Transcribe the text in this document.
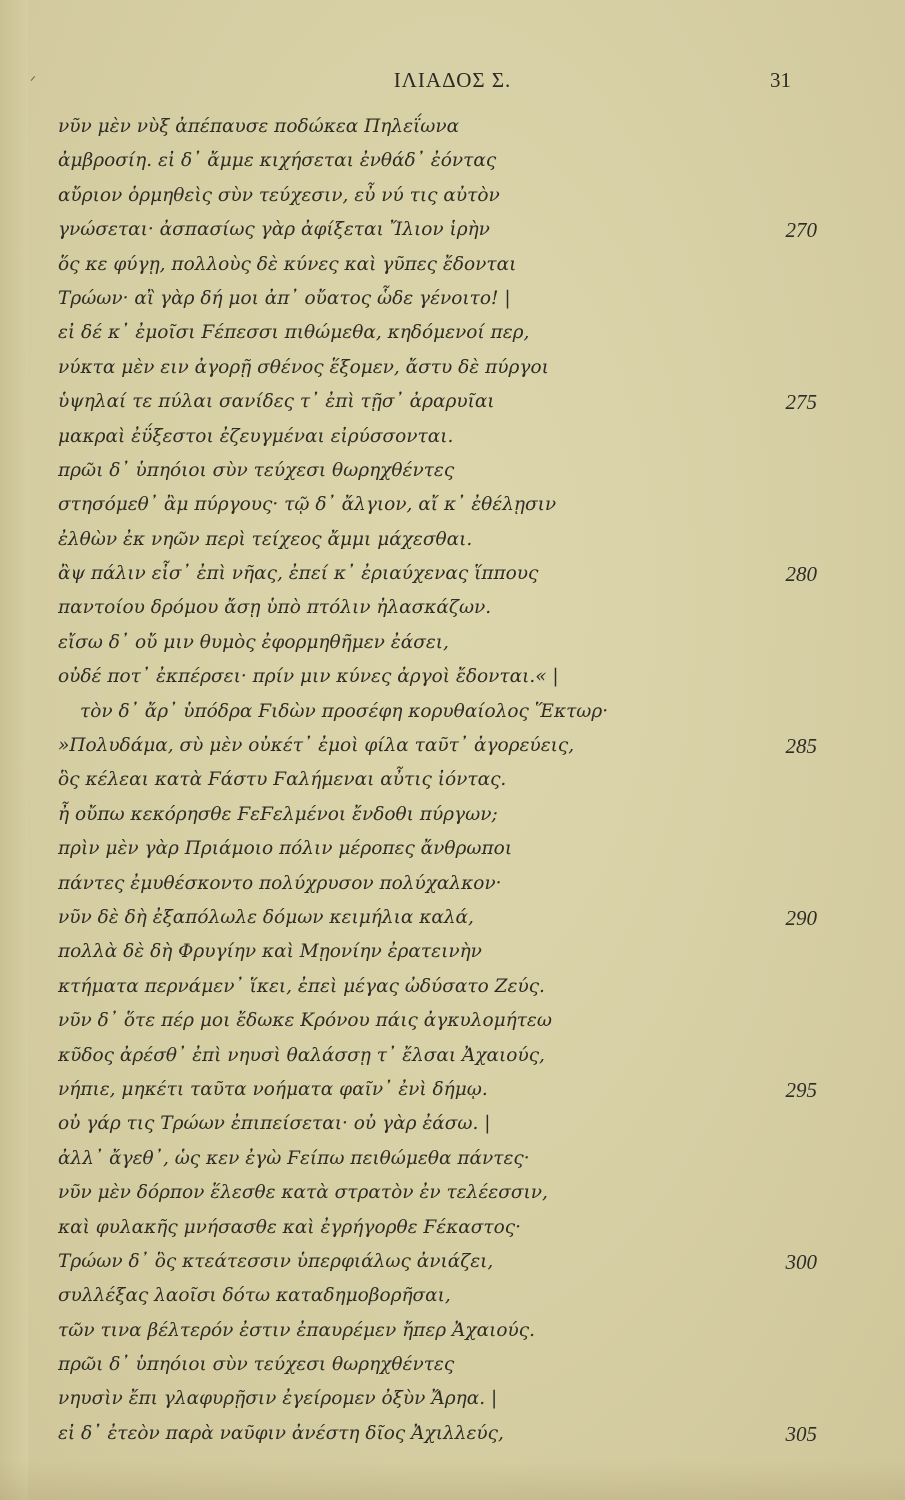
ᐟ	ΙΛΙΑΔΟΣ Σ.	31
νῦν μὲν νὺξ ἀπέπαυσε ποδώκεα Πηλεΐωνα
ἀμβροσίη. εἰ δ᾽ ἄμμε κιχήσεται ἐνθάδ᾽ ἐόντας
αὔριον ὁρμηθεὶς σὺν τεύχεσιν, εὖ νύ τις αὐτὸν
γνώσεται· ἀσπασίως γὰρ ἀφίξεται Ἴλιον ἱρὴν	270
ὅς κε φύγῃ, πολλοὺς δὲ κύνες καὶ γῦπες ἔδονται
Τρώων· αἲ γὰρ δή μοι ἀπ᾽ οὔατος ὧδε γένοιτο! |
εἰ δέ κ᾽ ἐμοῖσι Ϝέπεσσι πιθώμεθα, κηδόμενοί περ,
νύκτα μὲν ειν ἀγορῇ σθένος ἕξομεν, ἄστυ δὲ πύργοι
ὑψηλαί τε πύλαι σανίδες τ᾽ ἐπὶ τῇσ᾽ ἀραρυῖαι	275
μακραὶ ἐΰξεστοι ἐζευγμέναι εἰρύσσονται.
πρῶι δ᾽ ὑπηόιοι σὺν τεύχεσι θωρηχθέντες
στησόμεθ᾽ ἂμ πύργους· τῷ δ᾽ ἄλγιον, αἴ κ᾽ ἐθέλῃσιν
ἐλθὼν ἐκ νηῶν περὶ τείχεος ἄμμι μάχεσθαι.
ἂψ πάλιν εἶσ᾽ ἐπὶ νῆας, ἐπεί κ᾽ ἐριαύχενας ἵππους	280
παντοίου δρόμου ἄσῃ ὑπὸ πτόλιν ἠλασκάζων.
εἴσω δ᾽ οὔ μιν θυμὸς ἐφορμηθῆμεν ἐάσει,
οὐδέ ποτ᾽ ἐκπέρσει· πρίν μιν κύνες ἀργοὶ ἔδονται.« |
τὸν δ᾽ ἄρ᾽ ὑπόδρα Ϝιδὼν προσέφη κορυθαίολος Ἕκτωρ·
»Πολυδάμα, σὺ μὲν οὐκέτ᾽ ἐμοὶ φίλα ταῦτ᾽ ἀγορεύεις,	285
ὃς κέλεαι κατὰ Ϝάστυ Ϝαλήμεναι αὖτις ἰόντας.
ἦ οὔπω κεκόρησθε ϜεϜελμένοι ἔνδοθι πύργων;
πρὶν μὲν γὰρ Πριάμοιο πόλιν μέροπες ἄνθρωποι
πάντες ἐμυθέσκοντο πολύχρυσον πολύχαλκον·
νῦν δὲ δὴ ἐξαπόλωλε δόμων κειμήλια καλά,	290
πολλὰ δὲ δὴ Φρυγίην καὶ Μῃονίην ἐρατεινὴν
κτήματα περνάμεν᾽ ἵκει, ἐπεὶ μέγας ὠδύσατο Ζεύς.
νῦν δ᾽ ὅτε πέρ μοι ἔδωκε Κρόνου πάις ἀγκυλομήτεω
κῦδος ἀρέσθ᾽ ἐπὶ νηυσὶ θαλάσσῃ τ᾽ ἔλσαι Ἀχαιούς,
νήπιε, μηκέτι ταῦτα νοήματα φαῖν᾽ ἐνὶ δήμῳ.	295
οὐ γάρ τις Τρώων ἐπιπείσεται· οὐ γὰρ ἐάσω. |
ἀλλ᾽ ἄγεθ᾽, ὡς κεν ἐγὼ Ϝείπω πειθώμεθα πάντες·
νῦν μὲν δόρπον ἕλεσθε κατὰ στρατὸν ἐν τελέεσσιν,
καὶ φυλακῆς μνήσασθε καὶ ἐγρήγορθε Ϝέκαστος·
Τρώων δ᾽ ὃς κτεάτεσσιν ὑπερφιάλως ἀνιάζει,	300
συλλέξας λαοῖσι δότω καταδημοβορῆσαι,
τῶν τινα βέλτερόν ἐστιν ἐπαυρέμεν ἤπερ Ἀχαιούς.
πρῶι δ᾽ ὑπηόιοι σὺν τεύχεσι θωρηχθέντες
νηυσὶν ἔπι γλαφυρῇσιν ἐγείρομεν ὀξὺν Ἄρηα. |
εἰ δ᾽ ἐτεὸν παρὰ ναῦφιν ἀνέστη δῖος Ἀχιλλεύς,	305
